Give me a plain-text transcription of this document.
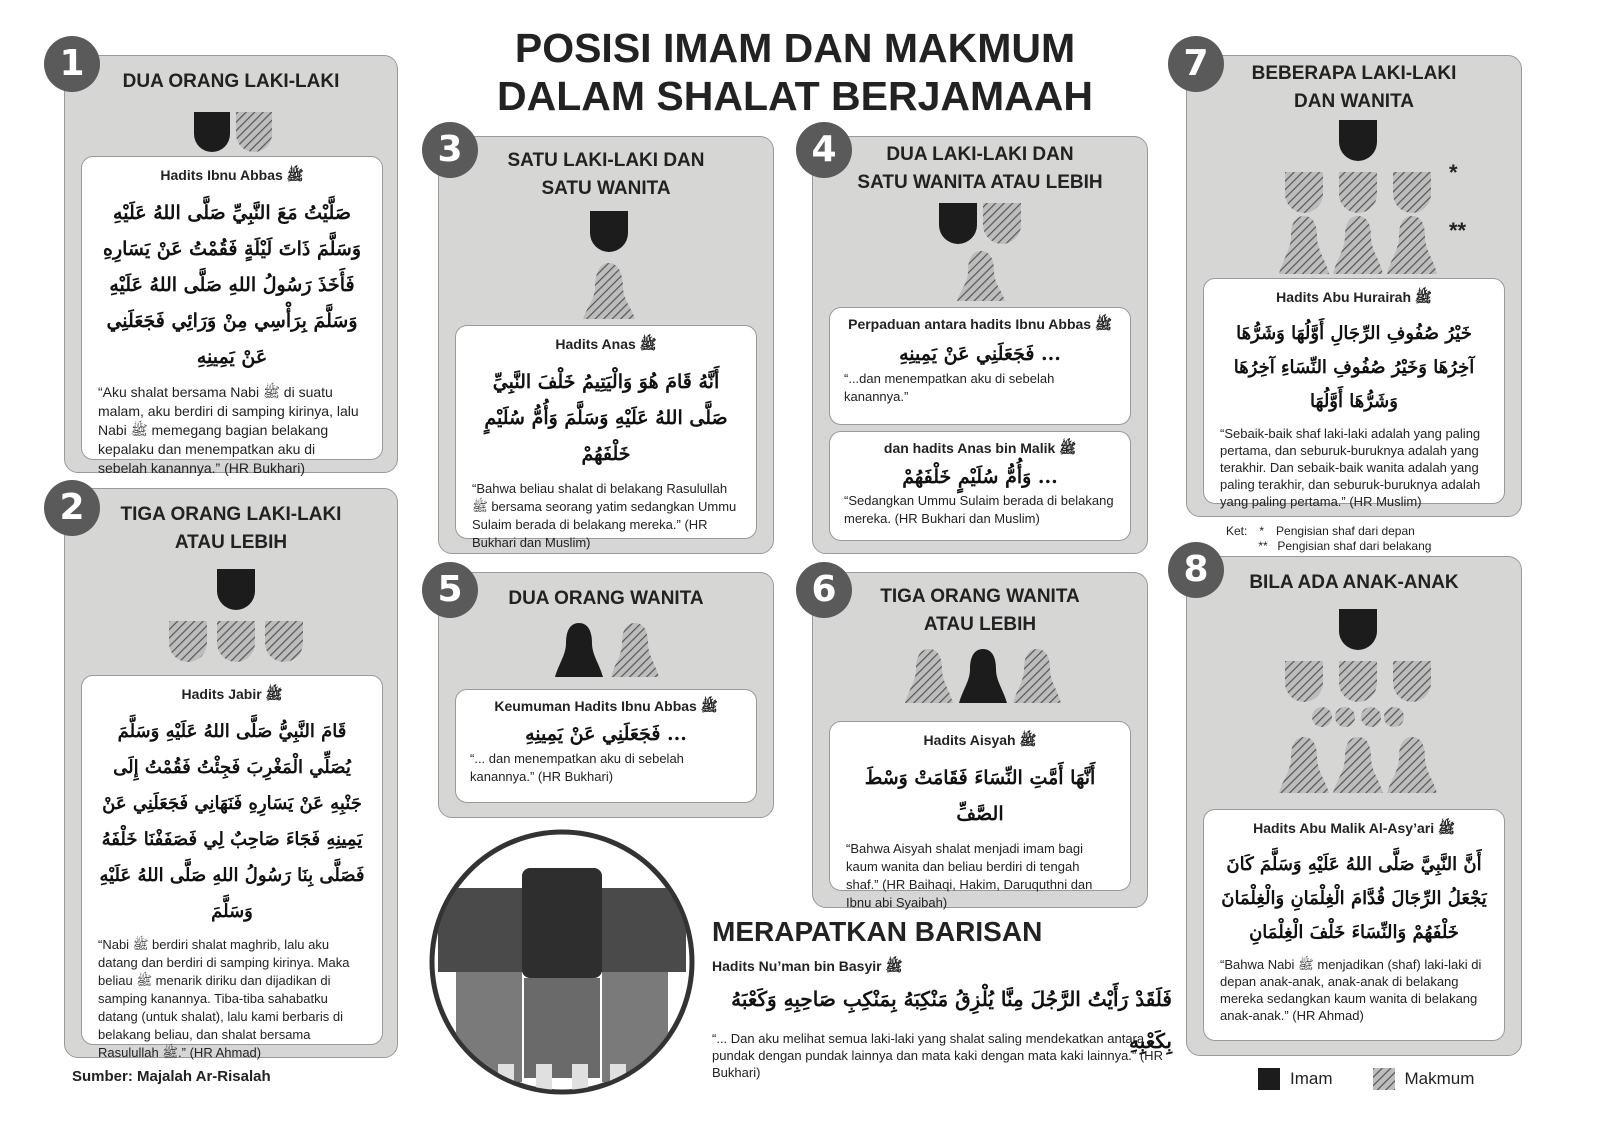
POSISI IMAM DAN MAKMUM
DALAM SHALAT BERJAMAAH
DUA ORANG LAKI-LAKI
Hadits Ibnu Abbas ﷺ
صَلَّيْتُ مَعَ النَّبِيِّ صَلَّى اللهُ عَلَيْهِ وَسَلَّمَ ذَاتَ لَيْلَةٍ فَقُمْتُ عَنْ يَسَارِهِ فَأَخَذَ رَسُولُ اللهِ صَلَّى اللهُ عَلَيْهِ وَسَلَّمَ بِرَأْسِي مِنْ وَرَائِي فَجَعَلَنِي عَنْ يَمِينِهِ
“Aku shalat bersama Nabi ﷺ di suatu malam, aku berdiri di samping kirinya, lalu Nabi ﷺ memegang bagian belakang kepalaku dan menempatkan aku di sebelah kanannya.” (HR Bukhari)
1
TIGA ORANG LAKI-LAKI
ATAU LEBIH
Hadits Jabir ﷺ
قَامَ النَّبِيُّ صَلَّى اللهُ عَلَيْهِ وَسَلَّمَ يُصَلِّي الْمَغْرِبَ فَجِئْتُ فَقُمْتُ إِلَى جَنْبِهِ عَنْ يَسَارِهِ فَنَهَانِي فَجَعَلَنِي عَنْ يَمِينِهِ فَجَاءَ صَاحِبٌ لِي فَصَفَفْنَا خَلْفَهُ فَصَلَّى بِنَا رَسُولُ اللهِ صَلَّى اللهُ عَلَيْهِ وَسَلَّمَ
“Nabi ﷺ berdiri shalat maghrib, lalu aku datang dan berdiri di samping kirinya. Maka beliau ﷺ menarik diriku dan dijadikan di samping kanannya. Tiba-tiba sahabatku datang (untuk shalat), lalu kami berbaris di belakang beliau, dan shalat bersama Rasulullah ﷺ.” (HR Ahmad)
2
SATU LAKI-LAKI DAN
SATU WANITA
Hadits Anas ﷺ
أَنَّهُ قَامَ هُوَ وَالْيَتِيمُ خَلْفَ النَّبِيِّ صَلَّى اللهُ عَلَيْهِ وَسَلَّمَ وَأُمُّ سُلَيْمٍ خَلْفَهُمْ
“Bahwa beliau shalat di belakang Rasulullah ﷺ bersama seorang yatim sedangkan Ummu Sulaim berada di belakang mereka.” (HR Bukhari dan Muslim)
3	DUA LAKI-LAKI DAN
SATU WANITA ATAU LEBIH
Perpaduan antara hadits Ibnu Abbas ﷺ
... فَجَعَلَنِي عَنْ يَمِينِهِ
“...dan menempatkan aku di sebelah kanannya.”
dan hadits Anas bin Malik ﷺ
... وَأُمُّ سُلَيْمٍ خَلْفَهُمْ
“Sedangkan Ummu Sulaim berada di belakang mereka. (HR Bukhari dan Muslim)
4
DUA ORANG WANITA
Keumuman Hadits Ibnu Abbas ﷺ
... فَجَعَلَنِي عَنْ يَمِينِهِ
“... dan menempatkan aku di sebelah kanannya.” (HR Bukhari)
5	TIGA ORANG WANITA
ATAU LEBIH
Hadits Aisyah ﷺ
أَنَّهَا أَمَّتِ النِّسَاءَ فَقَامَتْ وَسْطَ الصَّفِّ
“Bahwa Aisyah shalat menjadi imam bagi kaum wanita dan beliau berdiri di tengah shaf.” (HR Baihaqi, Hakim, Daruquthni dan Ibnu abi Syaibah)
6
BEBERAPA LAKI-LAKI
DAN WANITA
*
**
Hadits Abu Hurairah ﷺ
خَيْرُ صُفُوفِ الرِّجَالِ أَوَّلُهَا وَشَرُّهَا آخِرُهَا وَخَيْرُ صُفُوفِ النِّسَاءِ آخِرُهَا وَشَرُّهَا أَوَّلُهَا
“Sebaik-baik shaf laki-laki adalah yang paling pertama, dan seburuk-buruknya adalah yang terakhir. Dan sebaik-baik wanita adalah yang paling terakhir, dan seburuk-buruknya adalah yang paling pertama.” (HR Muslim)
7
Ket: * Pengisian shaf dari depan
** Pengisian shaf dari belakang
BILA ADA ANAK-ANAK
Hadits Abu Malik Al-Asy’ari ﷺ
أَنَّ النَّبِيَّ صَلَّى اللهُ عَلَيْهِ وَسَلَّمَ كَانَ يَجْعَلُ الرِّجَالَ قُدَّامَ الْغِلْمَانِ وَالْغِلْمَانَ خَلْفَهُمْ وَالنِّسَاءَ خَلْفَ الْغِلْمَانِ
“Bahwa Nabi ﷺ menjadikan (shaf) laki-laki di depan anak-anak, anak-anak di belakang mereka sedangkan kaum wanita di belakang anak-anak.” (HR Ahmad)
8
MERAPATKAN BARISAN
Hadits Nu’man bin Basyir ﷺ
فَلَقَدْ رَأَيْتُ الرَّجُلَ مِنَّا يُلْزِقُ مَنْكِبَهُ بِمَنْكِبِ صَاحِبِهِ وَكَعْبَهُ بِكَعْبِهِ
“... Dan aku melihat semua laki-laki yang shalat saling mendekatkan antara pundak dengan pundak lainnya dan mata kaki dengan mata kaki lainnya.” (HR Bukhari)
Sumber: Majalah Ar-Risalah	Imam	Makmum
